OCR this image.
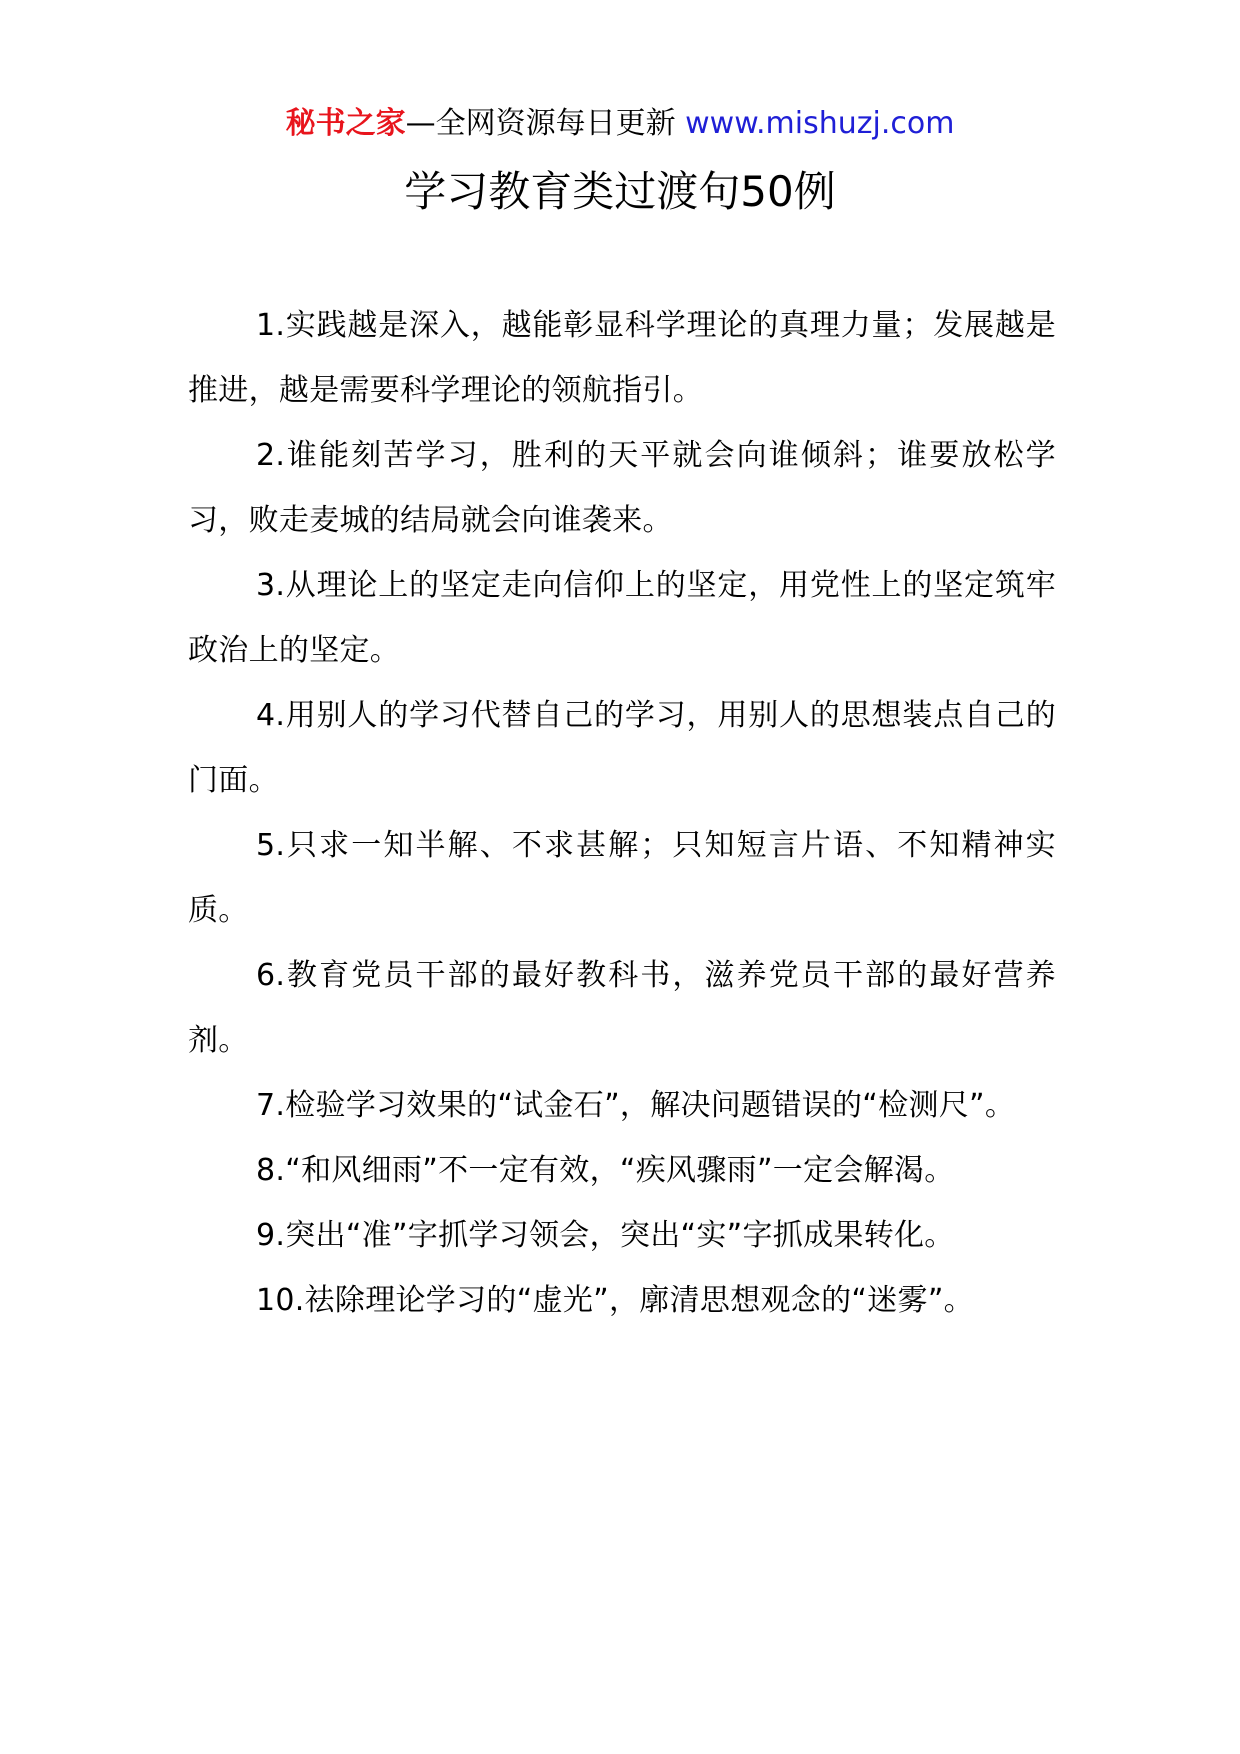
秘书之家—全网资源每日更新 www.mishuzj.com
学习教育类过渡句50例

1.实践越是深入，越能彰显科学理论的真理力量；发展越是推进，越是需要科学理论的领航指引。

2.谁能刻苦学习，胜利的天平就会向谁倾斜；谁要放松学习，败走麦城的结局就会向谁袭来。

3.从理论上的坚定走向信仰上的坚定，用党性上的坚定筑牢政治上的坚定。

4.用别人的学习代替自己的学习，用别人的思想装点自己的门面。

5.只求一知半解、不求甚解；只知短言片语、不知精神实质。

6.教育党员干部的最好教科书，滋养党员干部的最好营养剂。

7.检验学习效果的“试金石”，解决问题错误的“检测尺”。

8.“和风细雨”不一定有效，“疾风骤雨”一定会解渴。

9.突出“准”字抓学习领会，突出“实”字抓成果转化。

10.祛除理论学习的“虚光”，廓清思想观念的“迷雾”。
